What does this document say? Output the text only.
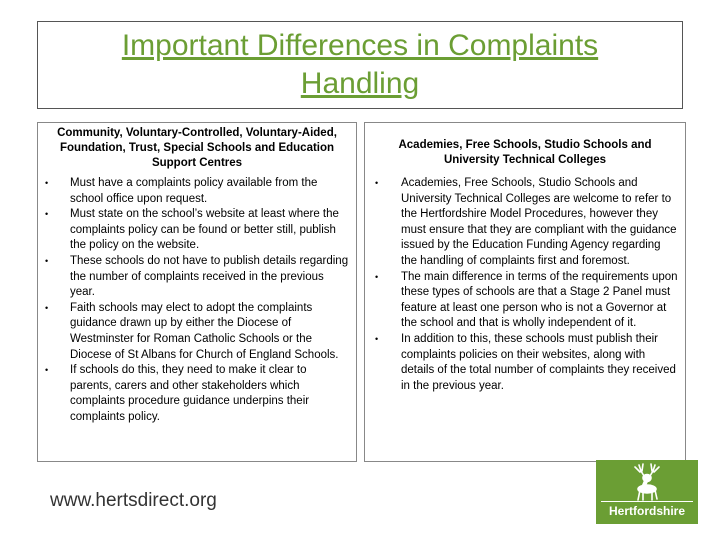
Important Differences in Complaints Handling
Community, Voluntary-Controlled, Voluntary-Aided, Foundation, Trust, Special Schools and Education Support Centres
• Must have a complaints policy available from the school office upon request.
• Must state on the school’s website at least where the complaints policy can be found or better still, publish the policy on the website.
• These schools do not have to publish details regarding the number of complaints received in the previous year.
• Faith schools may elect to adopt the complaints guidance drawn up by either the Diocese of Westminster for Roman Catholic Schools or the Diocese of St Albans for Church of England Schools.
• If schools do this, they need to make it clear to parents, carers and other stakeholders which complaints procedure guidance underpins their complaints policy.
Academies, Free Schools, Studio Schools and University Technical Colleges
• Academies, Free Schools, Studio Schools and University Technical Colleges are welcome to refer to the Hertfordshire Model Procedures, however they must ensure that they are compliant with the guidance issued by the Education Funding Agency regarding the handling of complaints first and foremost.
• The main difference in terms of the requirements upon these types of schools are that a Stage 2 Panel must feature at least one person who is not a Governor at the school and that is wholly independent of it.
• In addition to this, these schools must publish their complaints policies on their websites, along with details of the total number of complaints they received in the previous year.
www.hertsdirect.org	Hertfordshire
